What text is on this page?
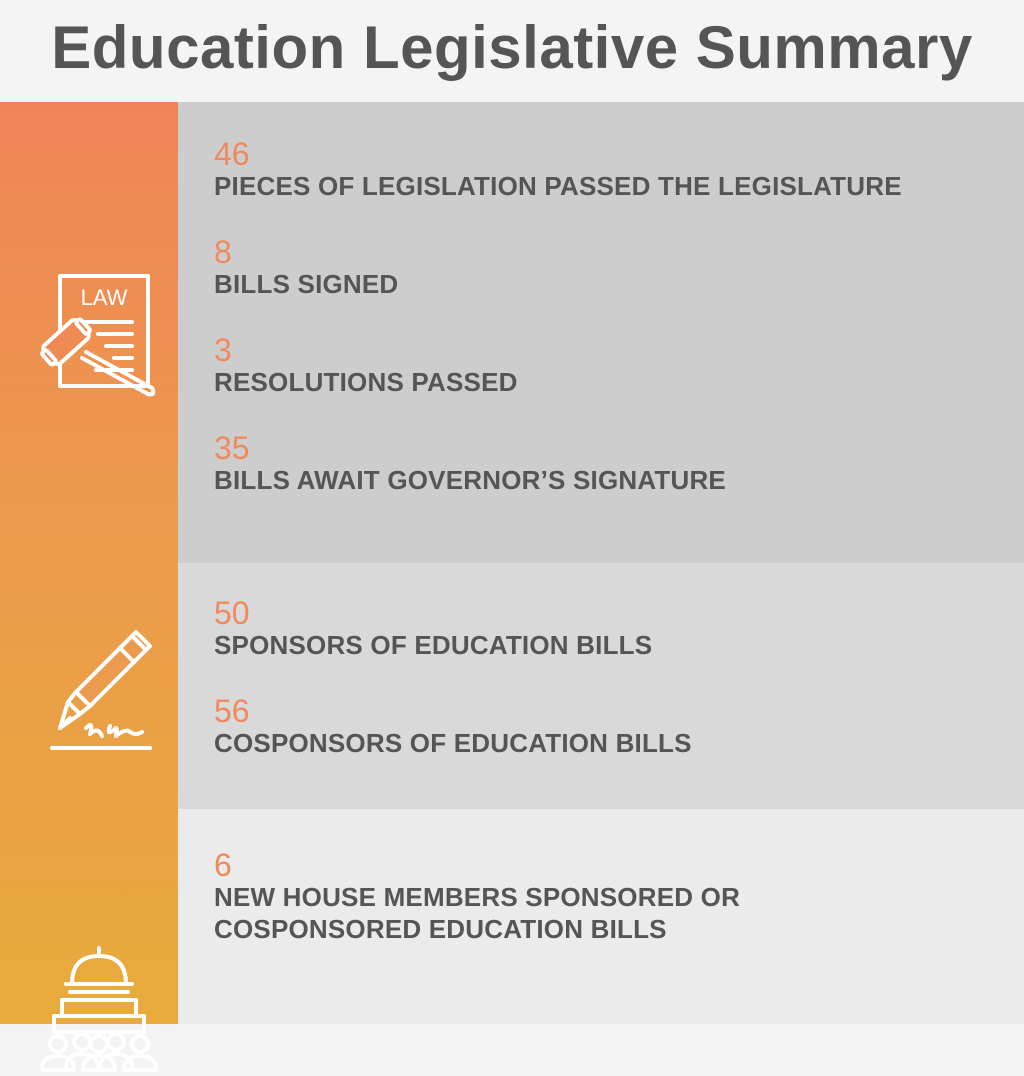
Education Legislative Summary
LAW
46
PIECES OF LEGISLATION PASSED THE LEGISLATURE
8
BILLS SIGNED
3
RESOLUTIONS PASSED
35
BILLS AWAIT GOVERNOR’S SIGNATURE
50
SPONSORS OF EDUCATION BILLS
56
COSPONSORS OF EDUCATION BILLS
6
NEW HOUSE MEMBERS SPONSORED OR
COSPONSORED EDUCATION BILLS
